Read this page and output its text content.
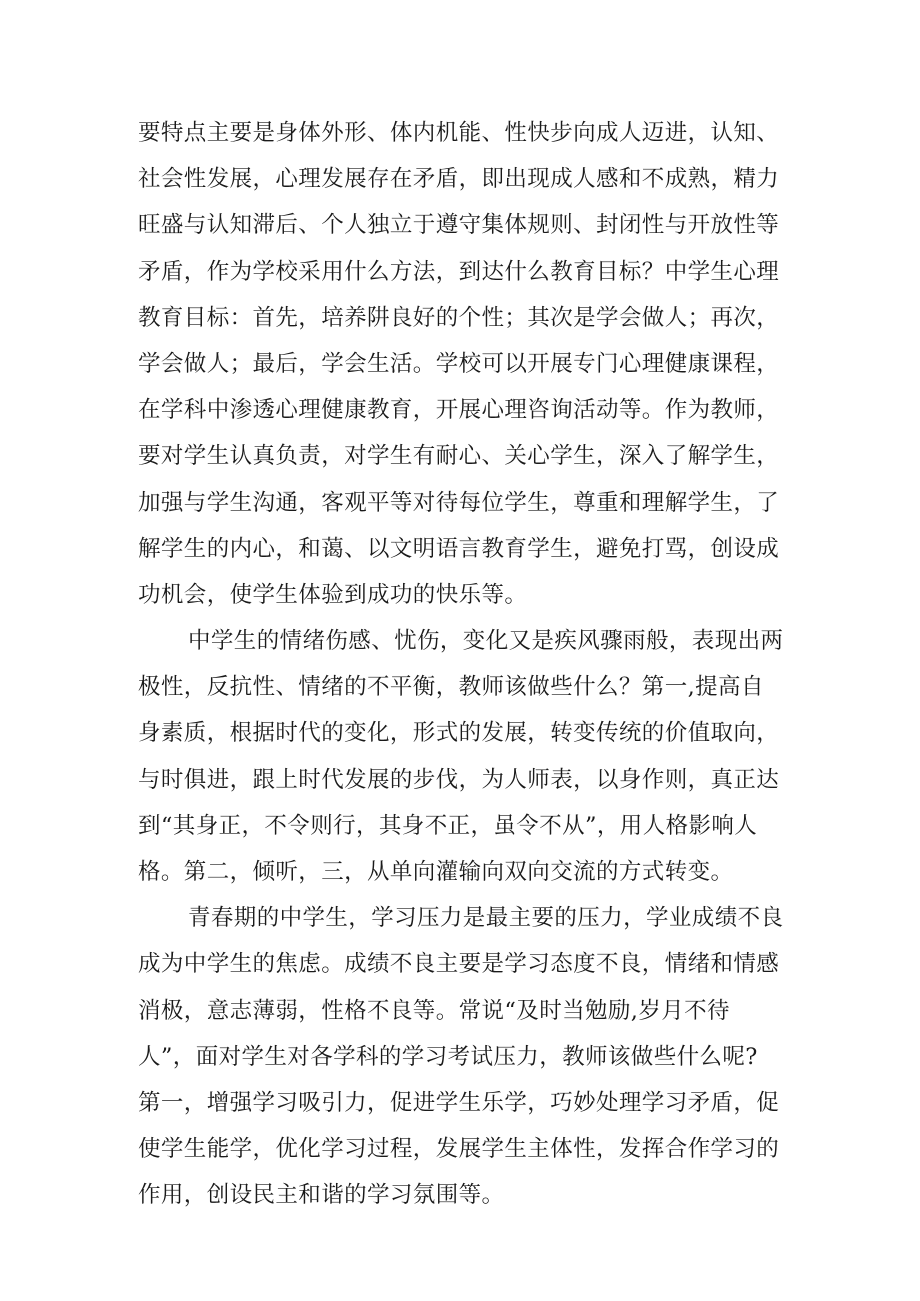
要特点主要是身体外形、体内机能、性快步向成人迈进，认知、
社会性发展，心理发展存在矛盾，即出现成人感和不成熟，精力
旺盛与认知滞后、个人独立于遵守集体规则、封闭性与开放性等
矛盾，作为学校采用什么方法，到达什么教育目标？中学生心理
教育目标：首先，培养阱良好的个性；其次是学会做人；再次，
学会做人；最后，学会生活。学校可以开展专门心理健康课程，
在学科中渗透心理健康教育，开展心理咨询活动等。作为教师，
要对学生认真负责，对学生有耐心、关心学生，深入了解学生，
加强与学生沟通，客观平等对待每位学生，尊重和理解学生，了
解学生的内心，和蔼、以文明语言教育学生，避免打骂，创设成
功机会，使学生体验到成功的快乐等。
中学生的情绪伤感、忧伤，变化又是疾风骤雨般，表现出两
极性，反抗性、情绪的不平衡，教师该做些什么？第一,提高自
身素质，根据时代的变化，形式的发展，转变传统的价值取向，
与时俱进，跟上时代发展的步伐，为人师表，以身作则，真正达
到“其身正，不令则行，其身不正，虽令不从”，用人格影响人
格。第二，倾听，三，从单向灌输向双向交流的方式转变。
青春期的中学生，学习压力是最主要的压力，学业成绩不良
成为中学生的焦虑。成绩不良主要是学习态度不良，情绪和情感
消极，意志薄弱，性格不良等。常说“及时当勉励,岁月不待
人”，面对学生对各学科的学习考试压力，教师该做些什么呢?
第一，增强学习吸引力，促进学生乐学，巧妙处理学习矛盾，促
使学生能学，优化学习过程，发展学生主体性，发挥合作学习的
作用，创设民主和谐的学习氛围等。
